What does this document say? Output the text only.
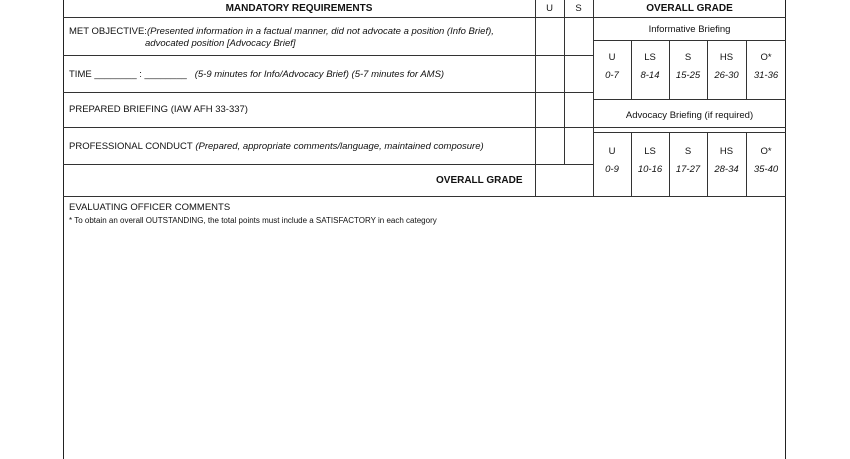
MANDATORY REQUIREMENTS	U	S	OVERALL GRADE
MET OBJECTIVE:(Presented information in a factual manner, did not advocate a position (Info Brief),
advocated position [Advocacy Brief]
TIME ________ : ________ (5-9 minutes for Info/Advocacy Brief) (5-7 minutes for AMS)
PREPARED BRIEFING (IAW AFH 33-337)
PROFESSIONAL CONDUCT (Prepared, appropriate comments/language, maintained composure)
OVERALL GRADE
Informative Briefing
U	LS	S	HS	O*
0-7	8-14	15-25	26-30	31-36
Advocacy Briefing (if required)
U	LS	S	HS	O*
0-9	10-16	17-27	28-34	35-40
EVALUATING OFFICER COMMENTS
* To obtain an overall OUTSTANDING, the total points must include a SATISFACTORY in each category
